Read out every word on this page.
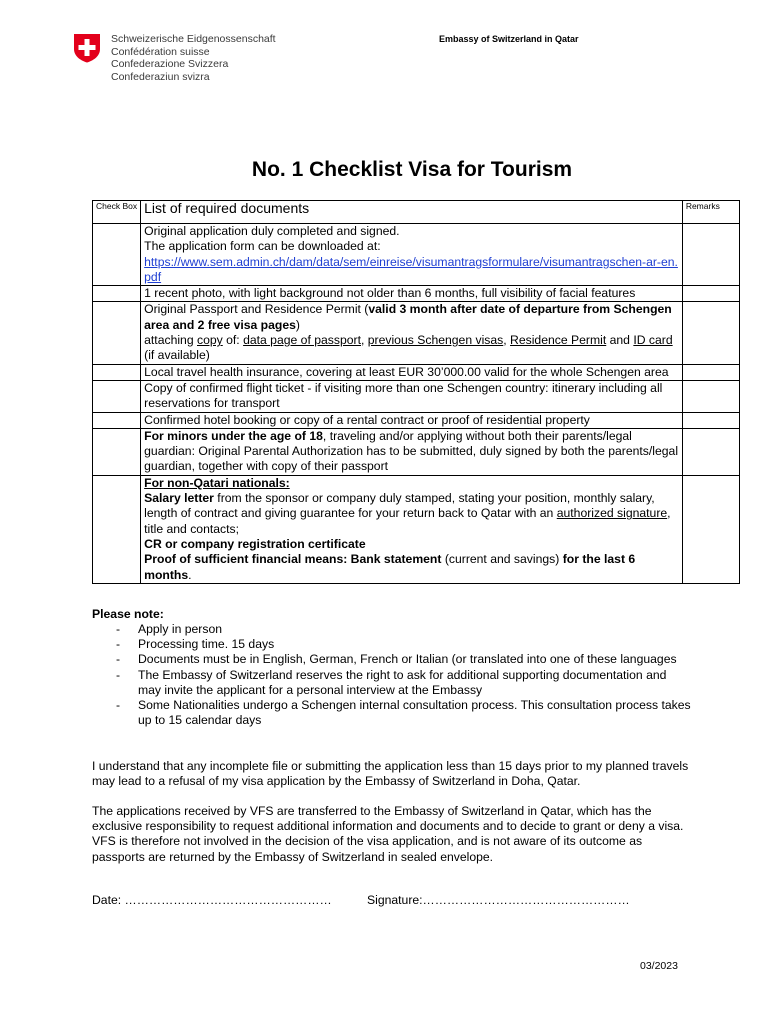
Schweizerische Eidgenossenschaft
Confédération suisse
Confederazione Svizzera
Confederaziun svizra
Embassy of Switzerland in Qatar
No. 1 Checklist Visa for Tourism
Check Box	List of required documents	Remarks

	Original application duly completed and signed.
The application form can be downloaded at:
https://www.sem.admin.ch/dam/data/sem/einreise/visumantragsformulare/visumantragschen-ar-en.pdf	

	1 recent photo, with light background not older than 6 months, full visibility of facial features	
	Original Passport and Residence Permit (valid 3 month after date of departure from Schengen area and 2 free visa pages)
attaching copy of: data page of passport, previous Schengen visas, Residence Permit and ID card (if available)	
	Local travel health insurance, covering at least EUR 30’000.00 valid for the whole Schengen area	
	Copy of confirmed flight ticket - if visiting more than one Schengen country: itinerary including all reservations for transport	
	Confirmed hotel booking or copy of a rental contract or proof of residential property	
	For minors under the age of 18, traveling and/or applying without both their parents/legal guardian: Original Parental Authorization has to be submitted, duly signed by both the parents/legal guardian, together with copy of their passport	

	For non-Qatari nationals:
Salary letter from the sponsor or company duly stamped, stating your position, monthly salary, length of contract and giving guarantee for your return back to Qatar with an authorized signature, title and contacts;
CR or company registration certificate
Proof of sufficient financial means: Bank statement (current and savings) for the last 6 months.	

Please note:
- Apply in person
- Processing time. 15 days
- Documents must be in English, German, French or Italian (or translated into one of these languages
- The Embassy of Switzerland reserves the right to ask for additional supporting documentation and may invite the applicant for a personal interview at the Embassy
- Some Nationalities undergo a Schengen internal consultation process. This consultation process takes up to 15 calendar days
I understand that any incomplete file or submitting the application less than 15 days prior to my planned travels may lead to a refusal of my visa application by the Embassy of Switzerland in Doha, Qatar.
The applications received by VFS are transferred to the Embassy of Switzerland in Qatar, which has the exclusive responsibility to request additional information and documents and to decide to grant or deny a visa. VFS is therefore not involved in the decision of the visa application, and is not aware of its outcome as passports are returned by the Embassy of Switzerland in sealed envelope.
Date: ……………………………………………	Signature:……………………………………………
03/2023
